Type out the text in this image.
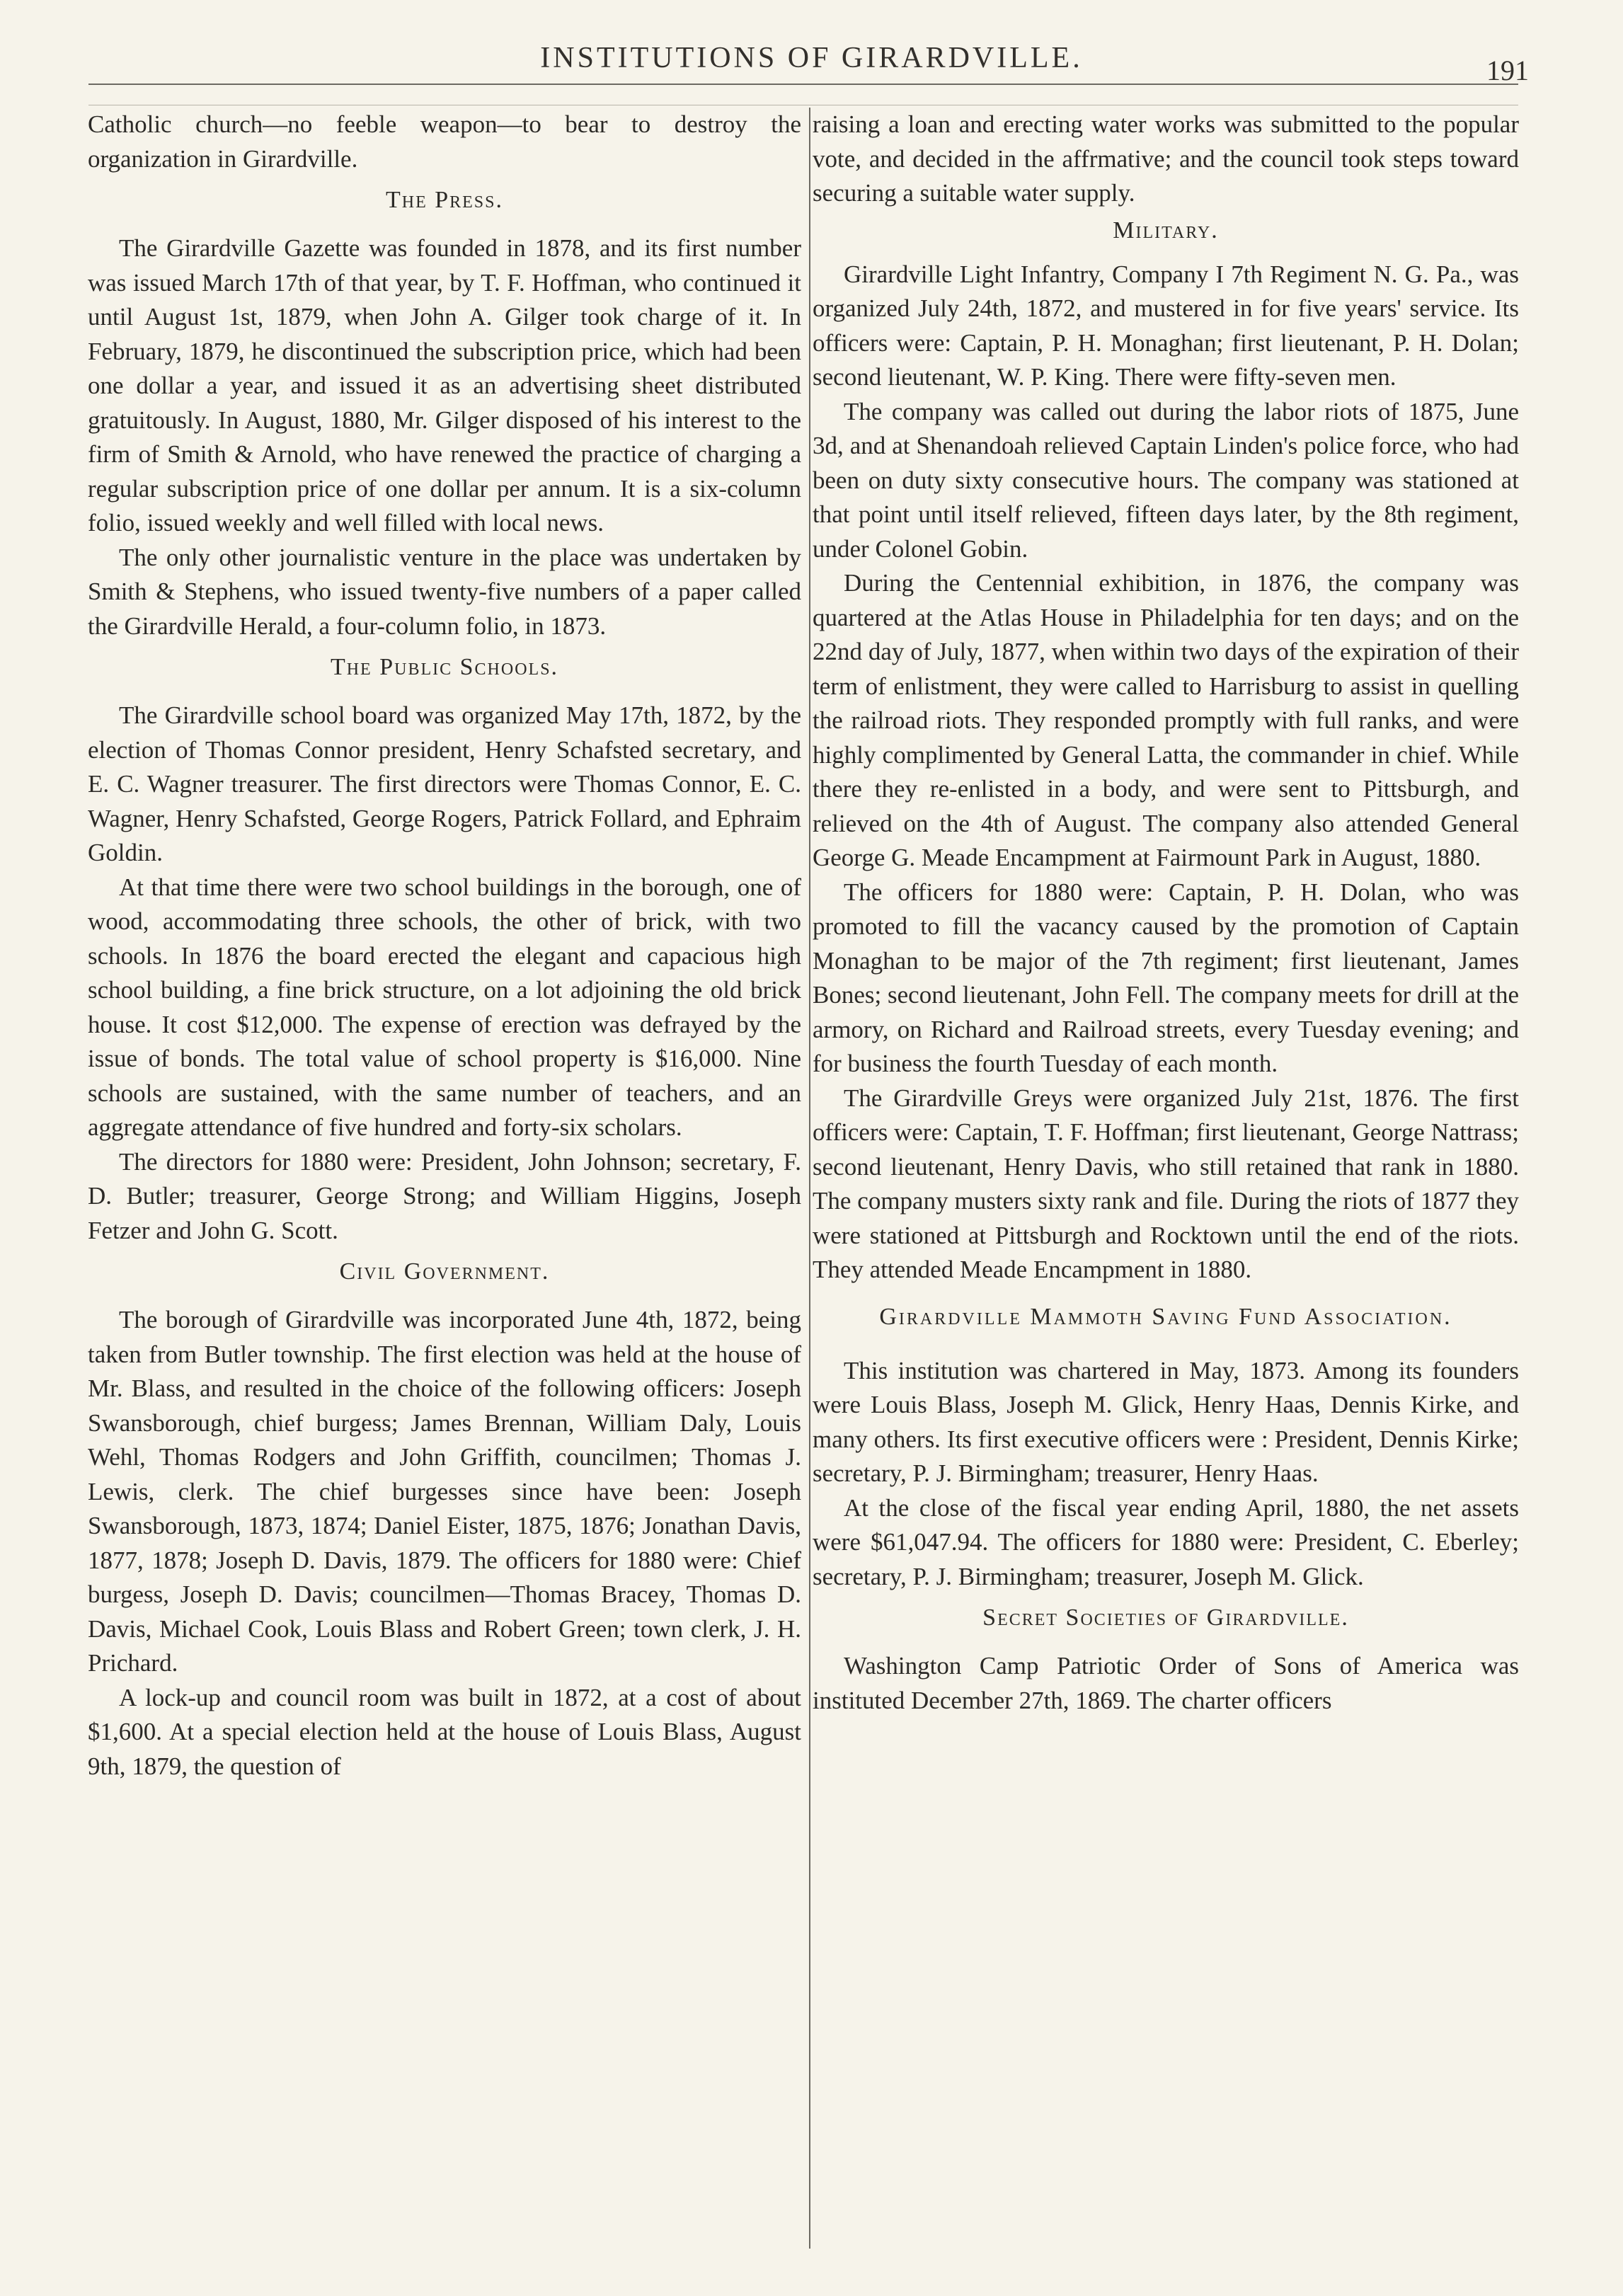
INSTITUTIONS OF GIRARDVILLE.	191

Catholic church—no feeble weapon—to bear to destroy the organization in Girardville.

The Press.

The Girardville Gazette was founded in 1878, and its first number was issued March 17th of that year, by T. F. Hoffman, who continued it until August 1st, 1879, when John A. Gilger took charge of it. In February, 1879, he discontinued the subscription price, which had been one dollar a year, and issued it as an advertising sheet distributed gratuitously. In August, 1880, Mr. Gilger disposed of his interest to the firm of Smith & Arnold, who have renewed the practice of charging a regular subscription price of one dollar per annum. It is a six-column folio, issued weekly and well filled with local news.

The only other journalistic venture in the place was undertaken by Smith & Stephens, who issued twenty-five numbers of a paper called the Girardville Herald, a four-column folio, in 1873.

The Public Schools.

The Girardville school board was organized May 17th, 1872, by the election of Thomas Connor president, Henry Schafsted secretary, and E. C. Wagner treasurer. The first directors were Thomas Connor, E. C. Wagner, Henry Schafsted, George Rogers, Patrick Follard, and Ephraim Goldin.

At that time there were two school buildings in the borough, one of wood, accommodating three schools, the other of brick, with two schools. In 1876 the board erected the elegant and capacious high school building, a fine brick structure, on a lot adjoining the old brick house. It cost $12,000. The expense of erection was defrayed by the issue of bonds. The total value of school property is $16,000. Nine schools are sustained, with the same number of teachers, and an aggregate attendance of five hundred and forty-six scholars.

The directors for 1880 were: President, John Johnson; secretary, F. D. Butler; treasurer, George Strong; and William Higgins, Joseph Fetzer and John G. Scott.

Civil Government.

The borough of Girardville was incorporated June 4th, 1872, being taken from Butler township. The first election was held at the house of Mr. Blass, and resulted in the choice of the following officers: Joseph Swansborough, chief burgess; James Brennan, William Daly, Louis Wehl, Thomas Rodgers and John Griffith, councilmen; Thomas J. Lewis, clerk. The chief burgesses since have been: Joseph Swansborough, 1873, 1874; Daniel Eister, 1875, 1876; Jonathan Davis, 1877, 1878; Joseph D. Davis, 1879. The officers for 1880 were: Chief burgess, Joseph D. Davis; councilmen—Thomas Bracey, Thomas D. Davis, Michael Cook, Louis Blass and Robert Green; town clerk, J. H. Prichard.

A lock-up and council room was built in 1872, at a cost of about $1,600. At a special election held at the house of Louis Blass, August 9th, 1879, the question of

raising a loan and erecting water works was submitted to the popular vote, and decided in the affrmative; and the council took steps toward securing a suitable water supply.

Military.

Girardville Light Infantry, Company I 7th Regiment N. G. Pa., was organized July 24th, 1872, and mustered in for five years' service. Its officers were: Captain, P. H. Monaghan; first lieutenant, P. H. Dolan; second lieutenant, W. P. King. There were fifty-seven men.

The company was called out during the labor riots of 1875, June 3d, and at Shenandoah relieved Captain Linden's police force, who had been on duty sixty consecutive hours. The company was stationed at that point until itself relieved, fifteen days later, by the 8th regiment, under Colonel Gobin.

During the Centennial exhibition, in 1876, the company was quartered at the Atlas House in Philadelphia for ten days; and on the 22nd day of July, 1877, when within two days of the expiration of their term of enlistment, they were called to Harrisburg to assist in quelling the railroad riots. They responded promptly with full ranks, and were highly complimented by General Latta, the commander in chief. While there they re-enlisted in a body, and were sent to Pittsburgh, and relieved on the 4th of August. The company also attended General George G. Meade Encampment at Fairmount Park in August, 1880.

The officers for 1880 were: Captain, P. H. Dolan, who was promoted to fill the vacancy caused by the promotion of Captain Monaghan to be major of the 7th regiment; first lieutenant, James Bones; second lieutenant, John Fell. The company meets for drill at the armory, on Richard and Railroad streets, every Tuesday evening; and for business the fourth Tuesday of each month.

The Girardville Greys were organized July 21st, 1876. The first officers were: Captain, T. F. Hoffman; first lieutenant, George Nattrass; second lieutenant, Henry Davis, who still retained that rank in 1880. The company musters sixty rank and file. During the riots of 1877 they were stationed at Pittsburgh and Rocktown until the end of the riots. They attended Meade Encampment in 1880.

Girardville Mammoth Saving Fund Association.

This institution was chartered in May, 1873. Among its founders were Louis Blass, Joseph M. Glick, Henry Haas, Dennis Kirke, and many others. Its first executive officers were : President, Dennis Kirke; secretary, P. J. Birmingham; treasurer, Henry Haas.

At the close of the fiscal year ending April, 1880, the net assets were $61,047.94. The officers for 1880 were: President, C. Eberley; secretary, P. J. Birmingham; treasurer, Joseph M. Glick.

Secret Societies of Girardville.

Washington Camp Patriotic Order of Sons of America was instituted December 27th, 1869. The charter officers
